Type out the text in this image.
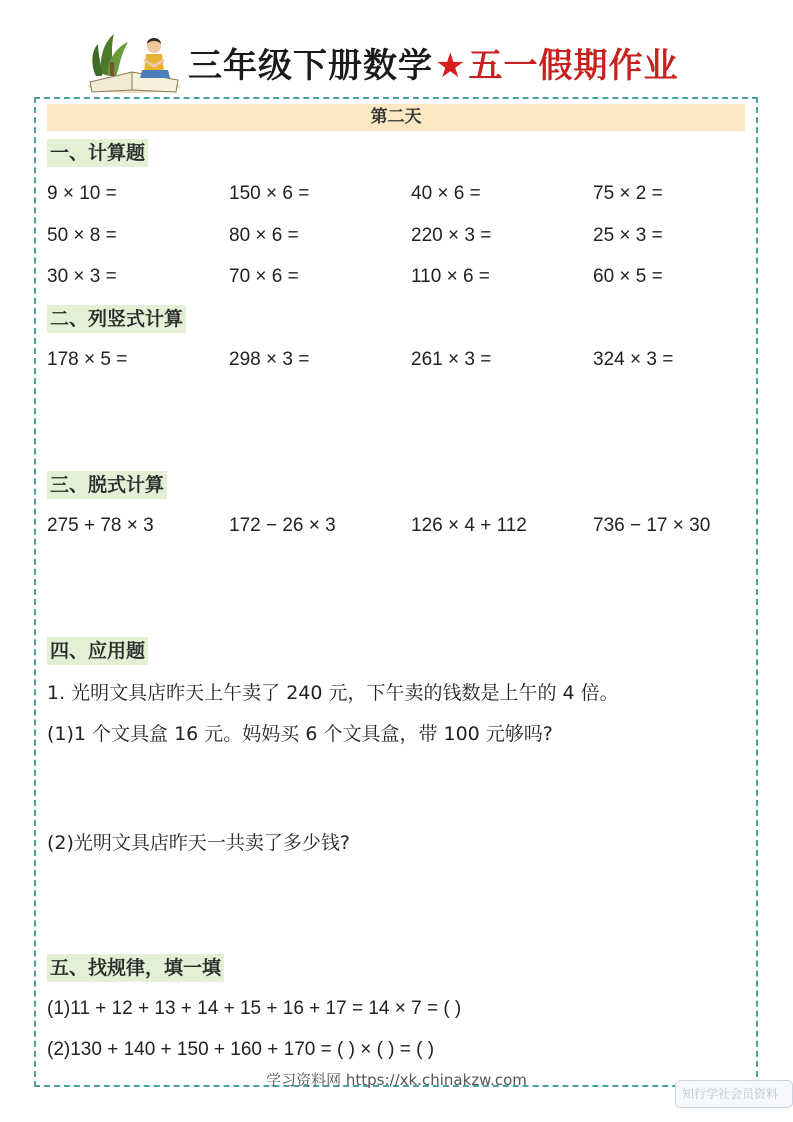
三年级下册数学★五一假期作业
第二天
一、计算题
9 × 10 =	150 × 6 =	40 × 6 =	75 × 2 =
50 × 8 =	80 × 6 =	220 × 3 =	25 × 3 =
30 × 3 =	70 × 6 =	110 × 6 =	60 × 5 =
二、列竖式计算
178 × 5 =	298 × 3 =	261 × 3 =	324 × 3 =
三、脱式计算
275 + 78 × 3	172 − 26 × 3	126 × 4 + 112	736 − 17 × 30
四、应用题
1. 光明文具店昨天上午卖了 240 元，下午卖的钱数是上午的 4 倍。
(1)1 个文具盒 16 元。妈妈买 6 个文具盒，带 100 元够吗?
(2)光明文具店昨天一共卖了多少钱?
五、找规律，填一填
(1)11 + 12 + 13 + 14 + 15 + 16 + 17 = 14 × 7 = ( )
(2)130 + 140 + 150 + 160 + 170 = ( ) × ( ) = ( )
学习资料网 https://xk.chinakzw.com
知行学社会员资料
